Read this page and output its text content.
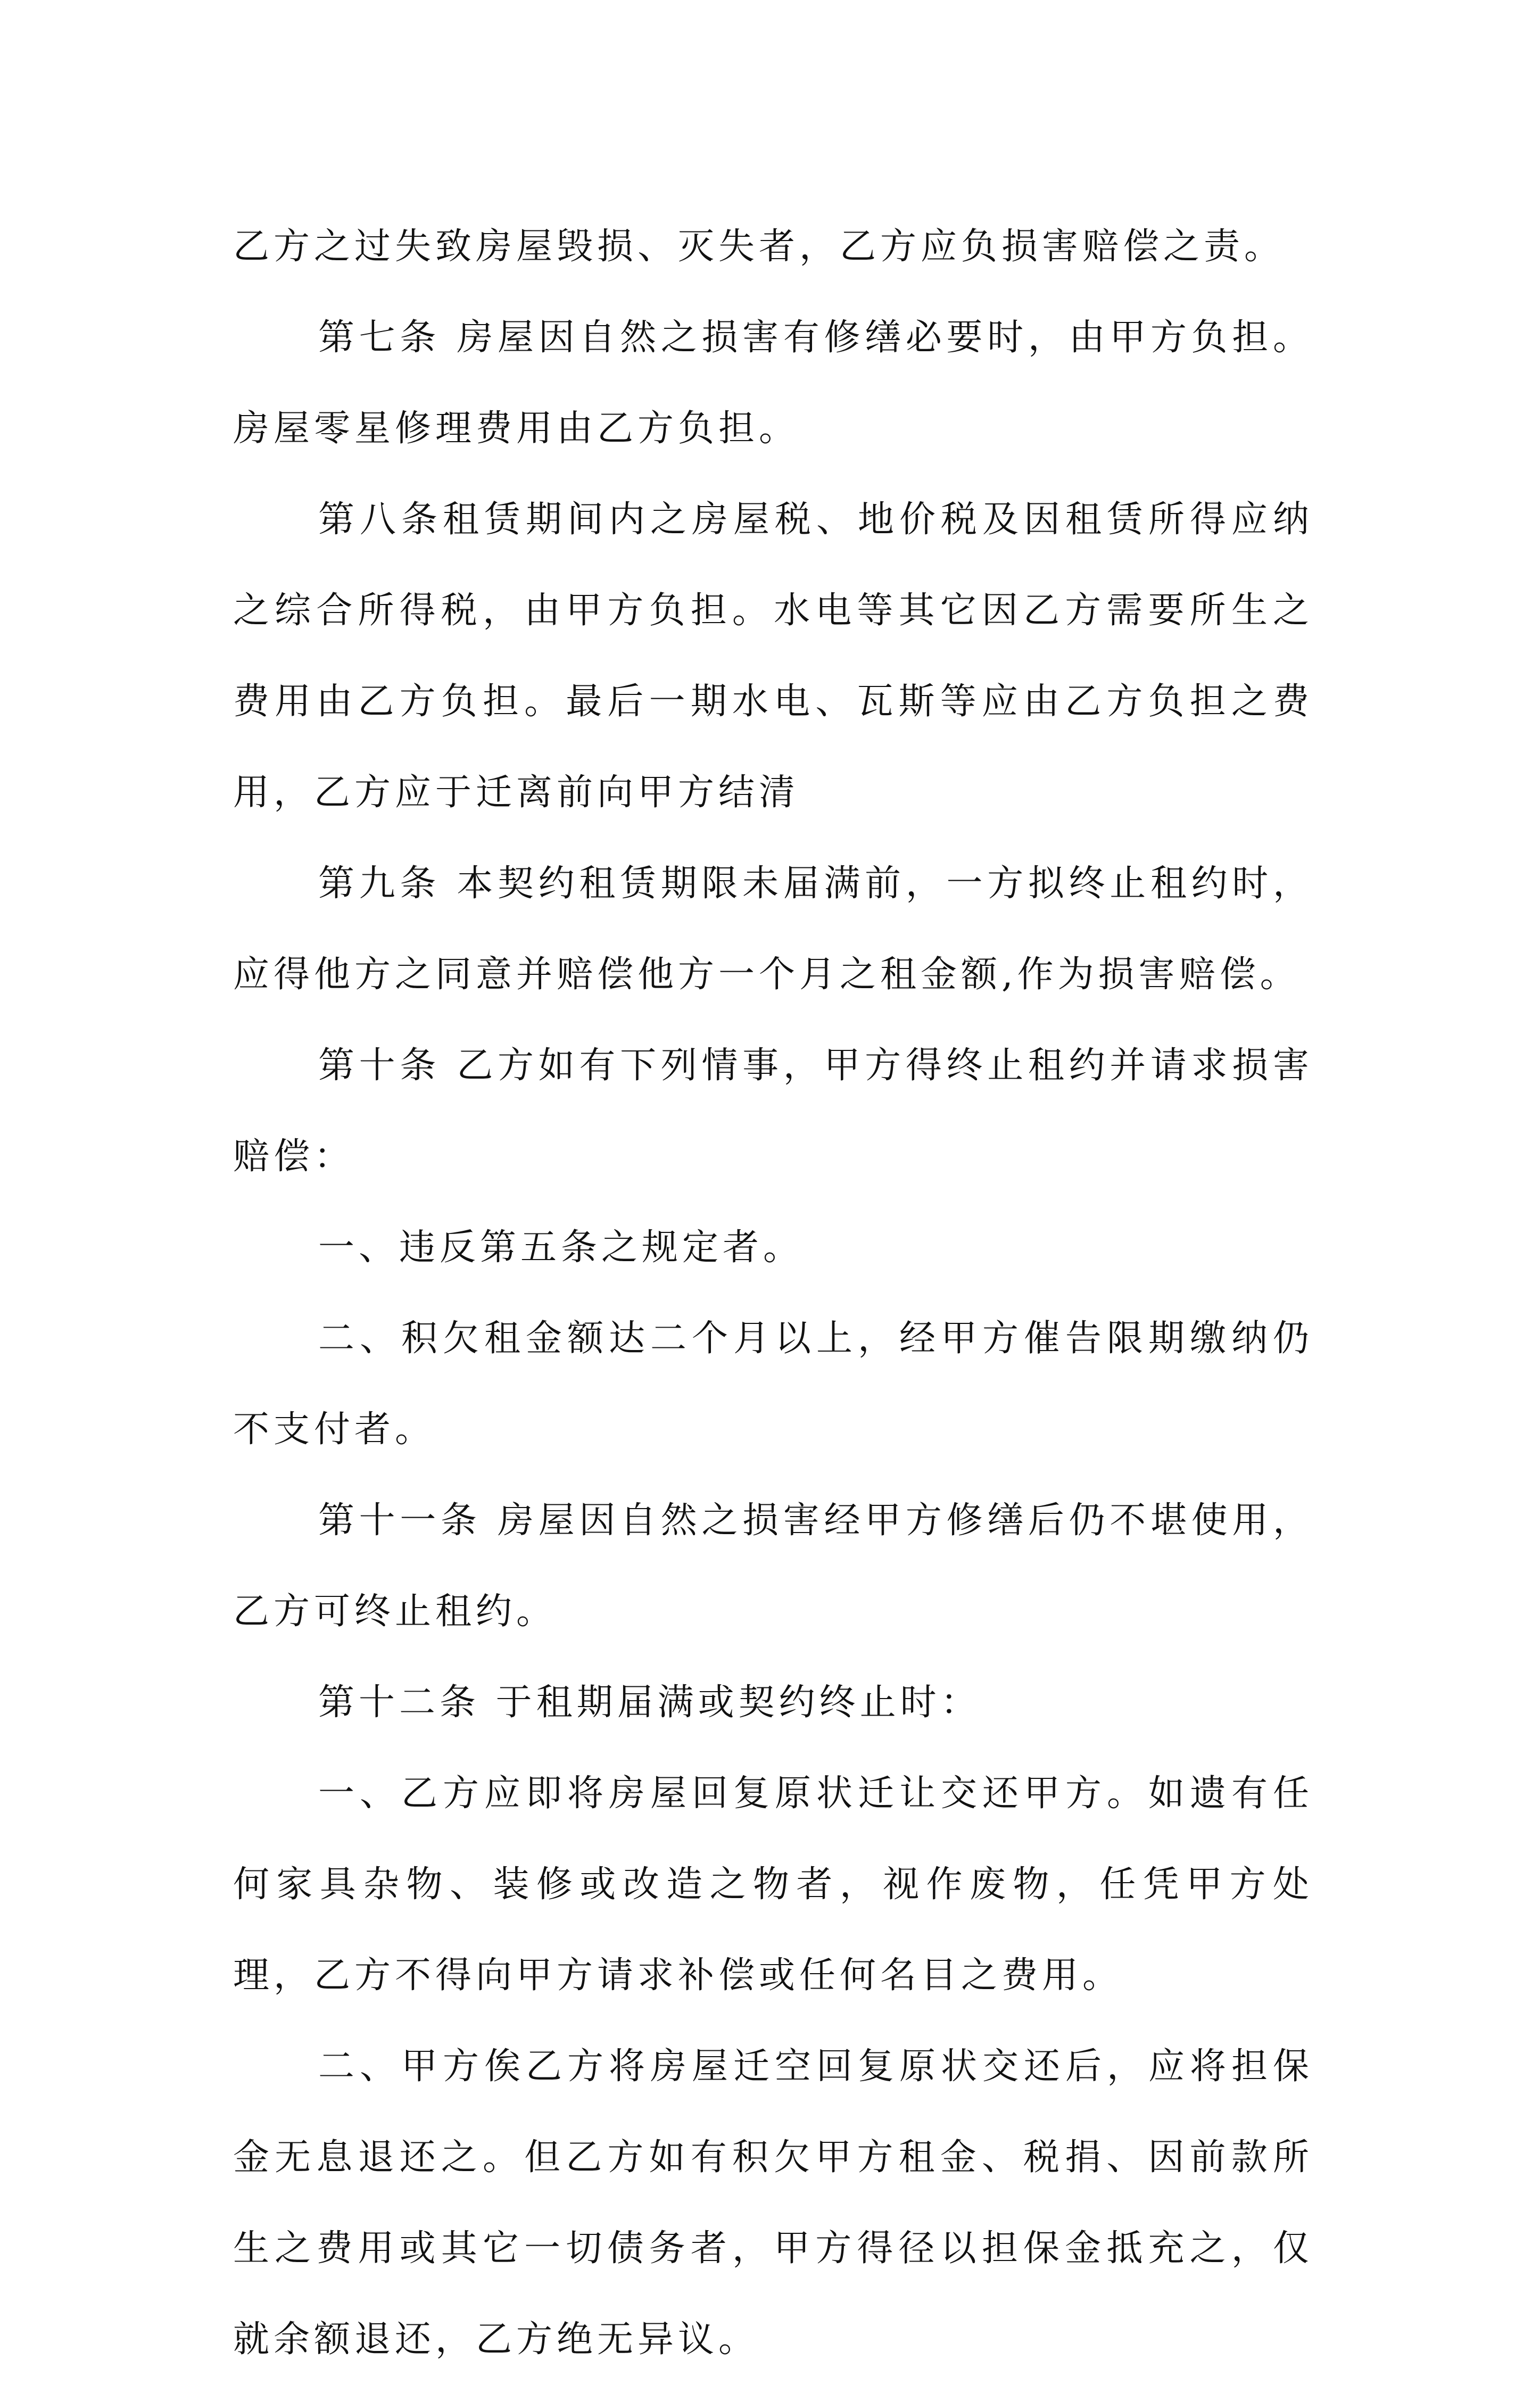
乙方之过失致房屋毁损、灭失者，乙方应负损害赔偿之责。

第七条 房屋因自然之损害有修缮必要时，由甲方负担。房屋零星修理费用由乙方负担。

第八条租赁期间内之房屋税、地价税及因租赁所得应纳之综合所得税，由甲方负担。水电等其它因乙方需要所生之费用由乙方负担。最后一期水电、瓦斯等应由乙方负担之费用，乙方应于迁离前向甲方结清

第九条 本契约租赁期限未届满前，一方拟终止租约时，应得他方之同意并赔偿他方一个月之租金额,作为损害赔偿。

第十条 乙方如有下列情事，甲方得终止租约并请求损害赔偿：

一、违反第五条之规定者。

二、积欠租金额达二个月以上，经甲方催告限期缴纳仍不支付者。

第十一条 房屋因自然之损害经甲方修缮后仍不堪使用，乙方可终止租约。

第十二条 于租期届满或契约终止时：

一、乙方应即将房屋回复原状迁让交还甲方。如遗有任何家具杂物、装修或改造之物者，视作废物，任凭甲方处理，乙方不得向甲方请求补偿或任何名目之费用。

二、甲方俟乙方将房屋迁空回复原状交还后，应将担保金无息退还之。但乙方如有积欠甲方租金、税捐、因前款所生之费用或其它一切债务者，甲方得径以担保金抵充之，仅就余额退还，乙方绝无异议。
